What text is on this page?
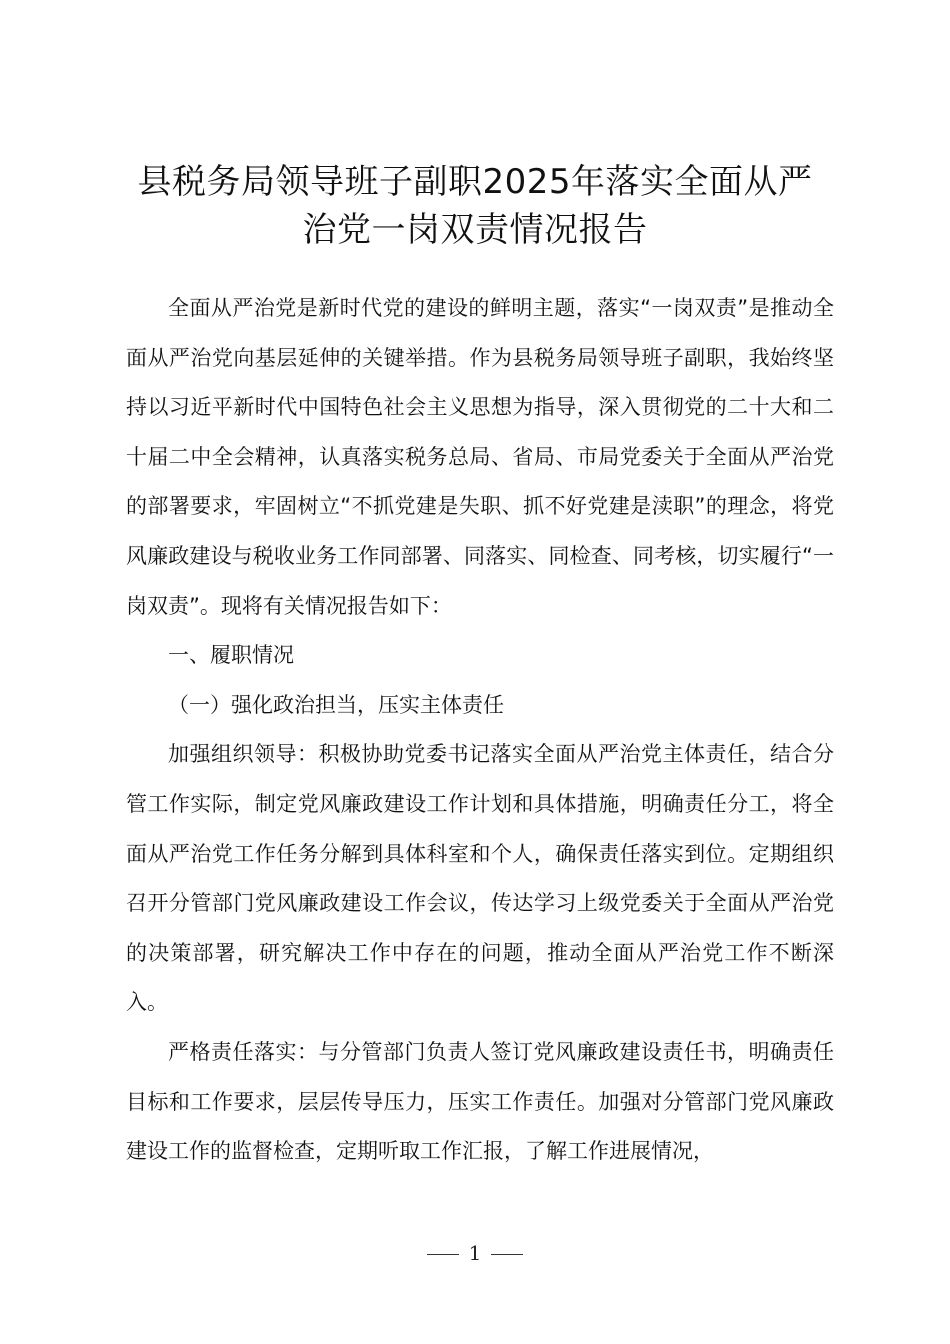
县税务局领导班子副职2025年落实全面从严
治党一岗双责情况报告

全面从严治党是新时代党的建设的鲜明主题，落实“一岗双责”是推动全面从严治党向基层延伸的关键举措。作为县税务局领导班子副职，我始终坚持以习近平新时代中国特色社会主义思想为指导，深入贯彻党的二十大和二十届二中全会精神，认真落实税务总局、省局、市局党委关于全面从严治党的部署要求，牢固树立“不抓党建是失职、抓不好党建是渎职”的理念，将党风廉政建设与税收业务工作同部署、同落实、同检查、同考核，切实履行“一岗双责”。现将有关情况报告如下：

一、履职情况

（一）强化政治担当，压实主体责任

加强组织领导：积极协助党委书记落实全面从严治党主体责任，结合分管工作实际，制定党风廉政建设工作计划和具体措施，明确责任分工，将全面从严治党工作任务分解到具体科室和个人，确保责任落实到位。定期组织召开分管部门党风廉政建设工作会议，传达学习上级党委关于全面从严治党的决策部署，研究解决工作中存在的问题，推动全面从严治党工作不断深入。

严格责任落实：与分管部门负责人签订党风廉政建设责任书，明确责任目标和工作要求，层层传导压力，压实工作责任。加强对分管部门党风廉政建设工作的监督检查，定期听取工作汇报，了解工作进展情况，

1
